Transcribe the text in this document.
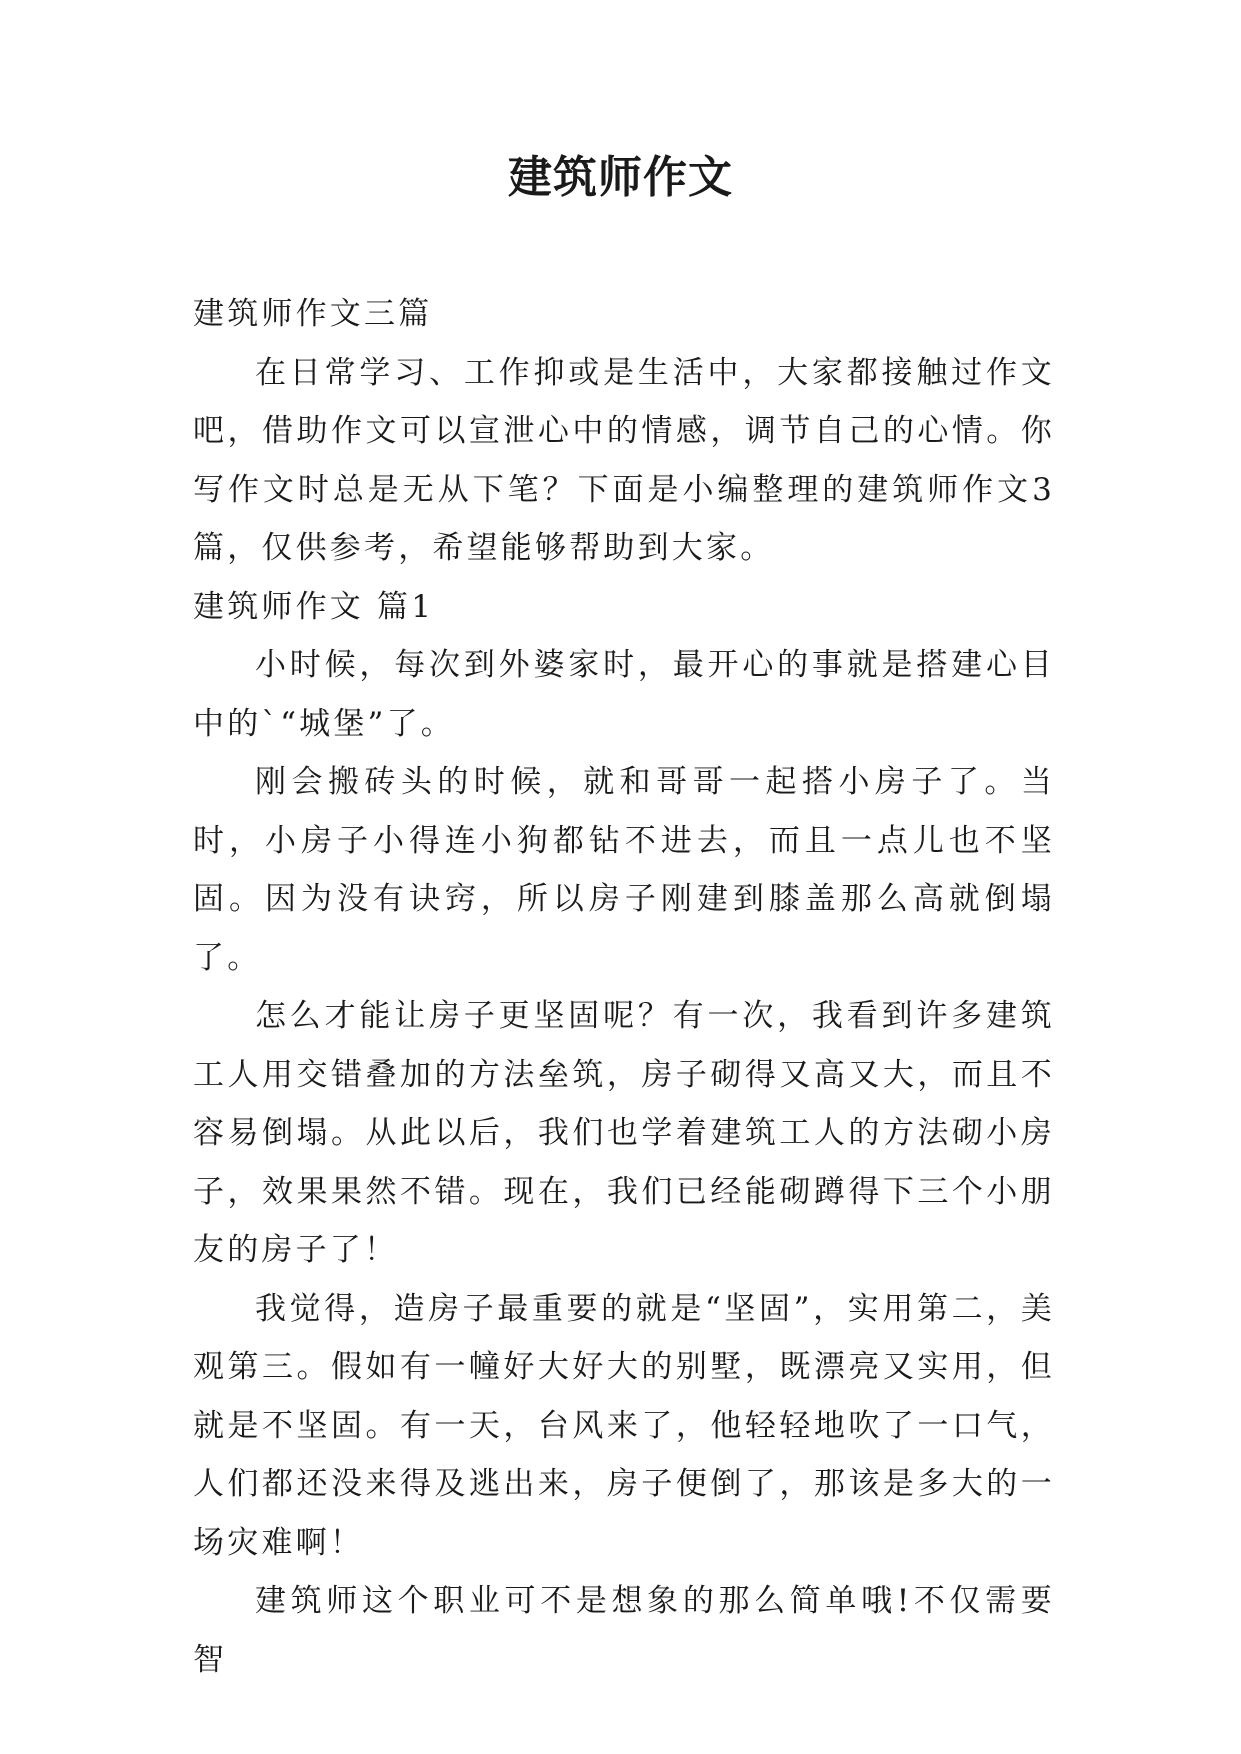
建筑师作文

建筑师作文三篇

在日常学习、工作抑或是生活中，大家都接触过作文吧，借助作文可以宣泄心中的情感，调节自己的心情。你写作文时总是无从下笔？下面是小编整理的建筑师作文3篇，仅供参考，希望能够帮助到大家。

建筑师作文 篇1

小时候，每次到外婆家时，最开心的事就是搭建心目中的`“城堡”了。

刚会搬砖头的时候，就和哥哥一起搭小房子了。当时，小房子小得连小狗都钻不进去，而且一点儿也不坚固。因为没有诀窍，所以房子刚建到膝盖那么高就倒塌了。

怎么才能让房子更坚固呢？有一次，我看到许多建筑工人用交错叠加的方法垒筑，房子砌得又高又大，而且不容易倒塌。从此以后，我们也学着建筑工人的方法砌小房子，效果果然不错。现在，我们已经能砌蹲得下三个小朋友的房子了！

我觉得，造房子最重要的就是“坚固”，实用第二，美观第三。假如有一幢好大好大的别墅，既漂亮又实用，但就是不坚固。有一天，台风来了，他轻轻地吹了一口气，人们都还没来得及逃出来，房子便倒了，那该是多大的一场灾难啊！

建筑师这个职业可不是想象的那么简单哦!不仅需要智
